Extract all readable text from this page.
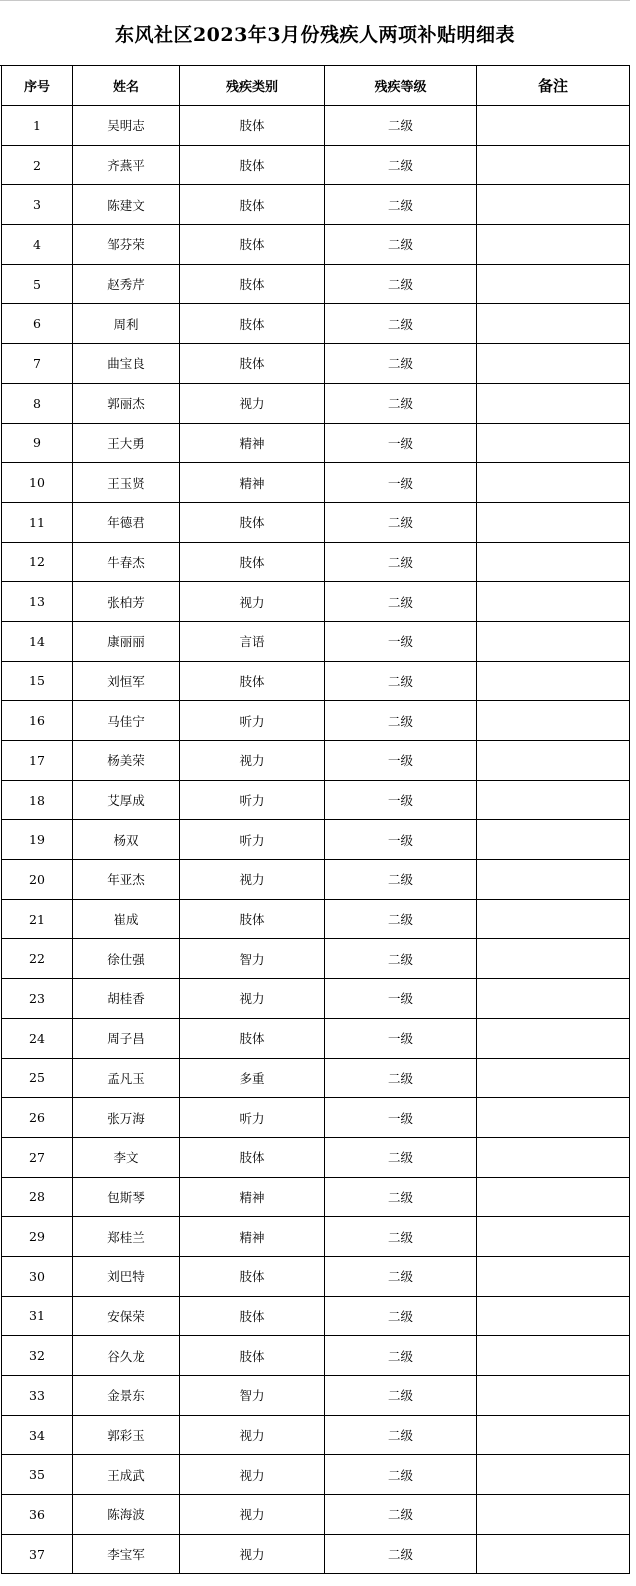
东风社区2023年3月份残疾人两项补贴明细表
序号	姓名	残疾类别	残疾等级	备注
1	吴明志	肢体	二级	
2	齐燕平	肢体	二级	
3	陈建文	肢体	二级	
4	邹芬荣	肢体	二级	
5	赵秀芹	肢体	二级	
6	周利	肢体	二级	
7	曲宝良	肢体	二级	
8	郭丽杰	视力	二级	
9	王大勇	精神	一级	
10	王玉贤	精神	一级	
11	年德君	肢体	二级	
12	牛春杰	肢体	二级	
13	张柏芳	视力	二级	
14	康丽丽	言语	一级	
15	刘恒军	肢体	二级	
16	马佳宁	听力	二级	
17	杨美荣	视力	一级	
18	艾厚成	听力	一级	
19	杨双	听力	一级	
20	年亚杰	视力	二级	
21	崔成	肢体	二级	
22	徐仕强	智力	二级	
23	胡桂香	视力	一级	
24	周子昌	肢体	一级	
25	孟凡玉	多重	二级	
26	张万海	听力	一级	
27	李文	肢体	二级	
28	包斯琴	精神	二级	
29	郑桂兰	精神	二级	
30	刘巴特	肢体	二级	
31	安保荣	肢体	二级	
32	谷久龙	肢体	二级	
33	金景东	智力	二级	
34	郭彩玉	视力	二级	
35	王成武	视力	二级	
36	陈海波	视力	二级	
37	李宝军	视力	二级	
